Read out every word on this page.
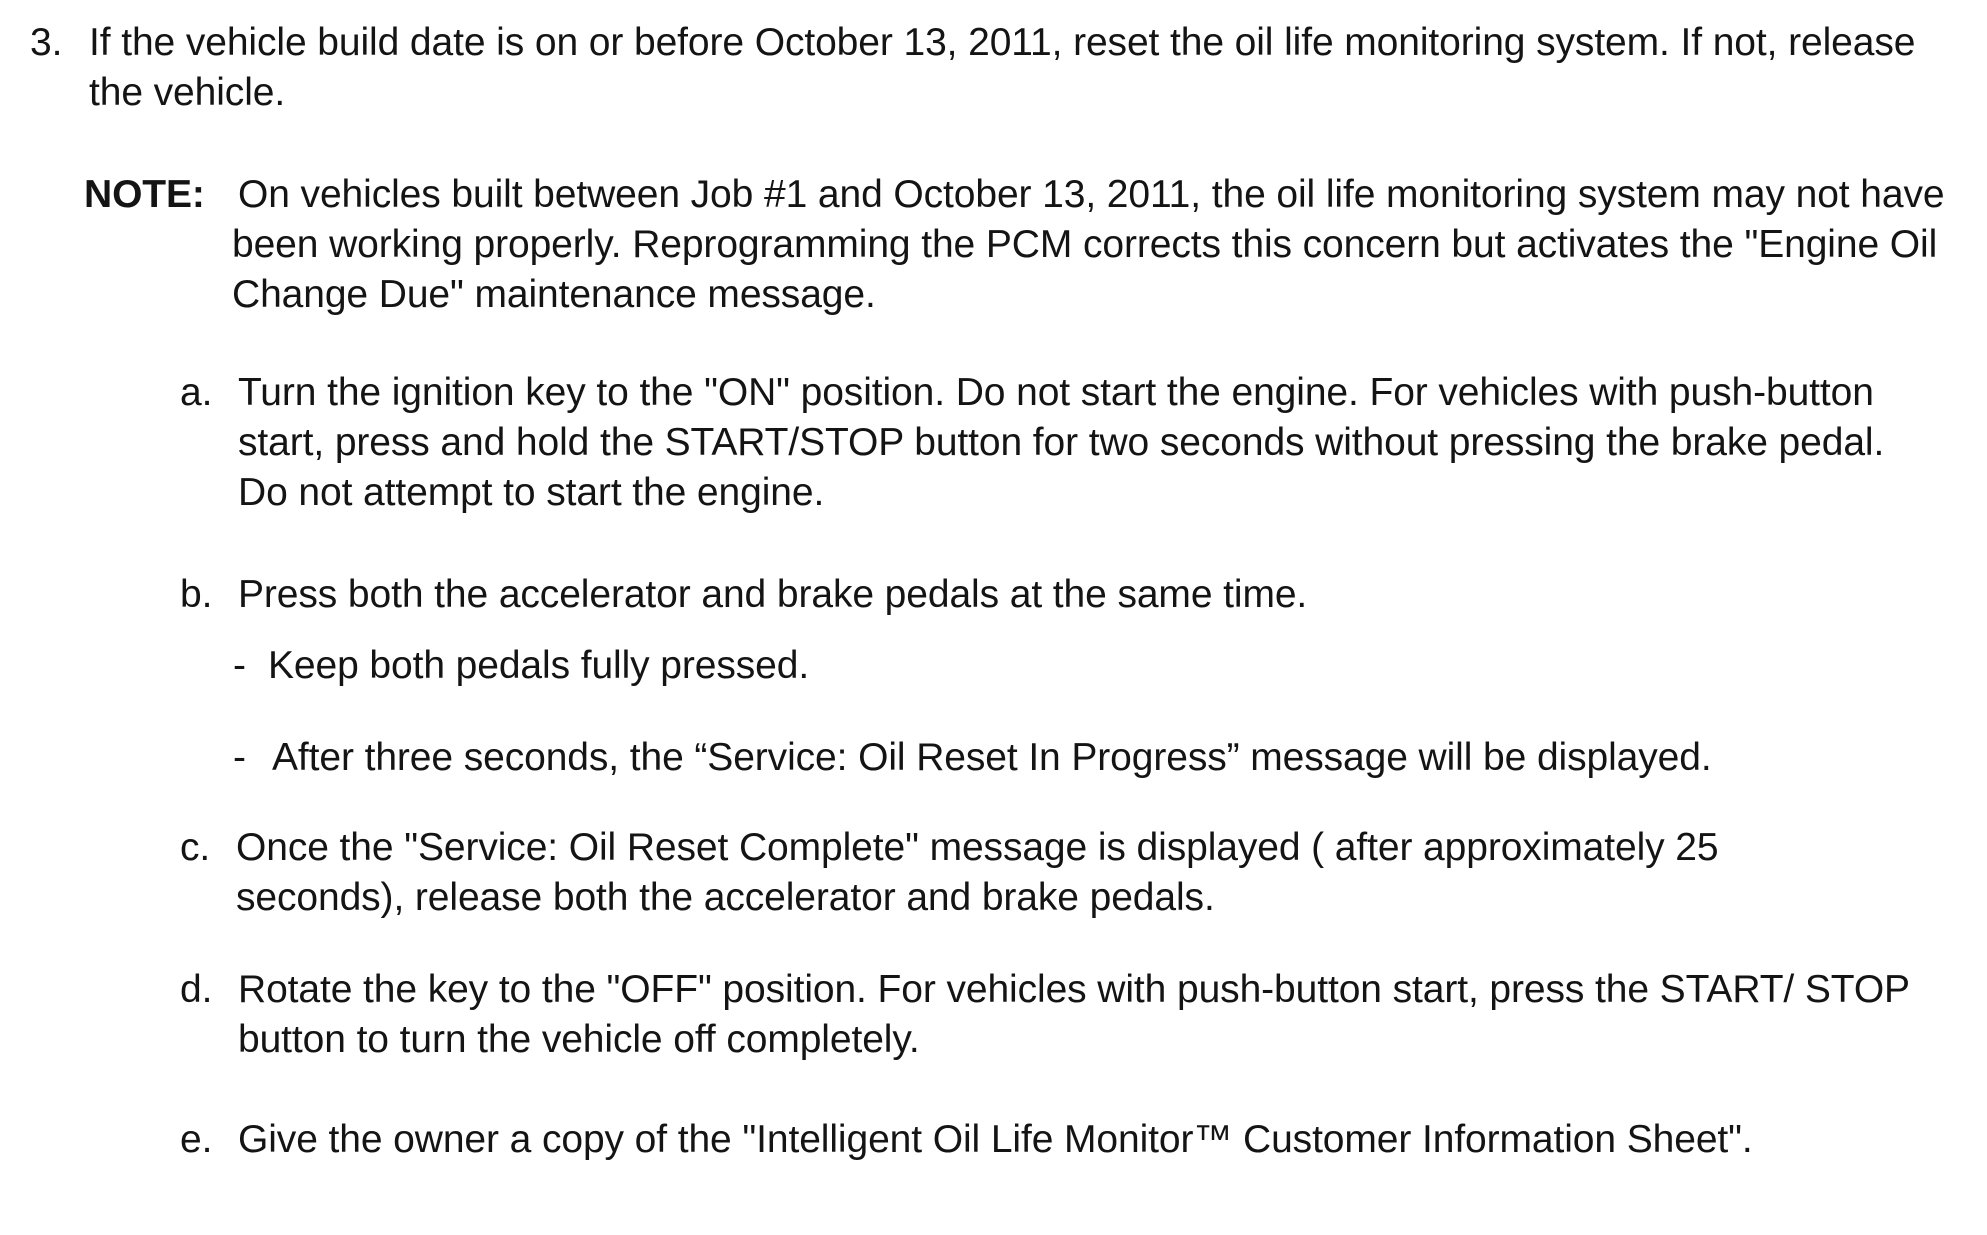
3. If the vehicle build date is on or before October 13, 2011, reset the oil life monitoring system. If not, release the vehicle.
NOTE: On vehicles built between Job #1 and October 13, 2011, the oil life monitoring system may not have been working properly. Reprogramming the PCM corrects this concern but activates the "Engine Oil Change Due" maintenance message.
a. Turn the ignition key to the "ON" position. Do not start the engine. For vehicles with push-button start, press and hold the START/STOP button for two seconds without pressing the brake pedal. Do not attempt to start the engine.
b. Press both the accelerator and brake pedals at the same time.
- Keep both pedals fully pressed.
- After three seconds, the “Service: Oil Reset In Progress” message will be displayed.
c. Once the "Service: Oil Reset Complete" message is displayed ( after approximately 25 seconds), release both the accelerator and brake pedals.
d. Rotate the key to the "OFF" position. For vehicles with push-button start, press the START/ STOP button to turn the vehicle off completely.
e. Give the owner a copy of the "Intelligent Oil Life Monitor™ Customer Information Sheet".
